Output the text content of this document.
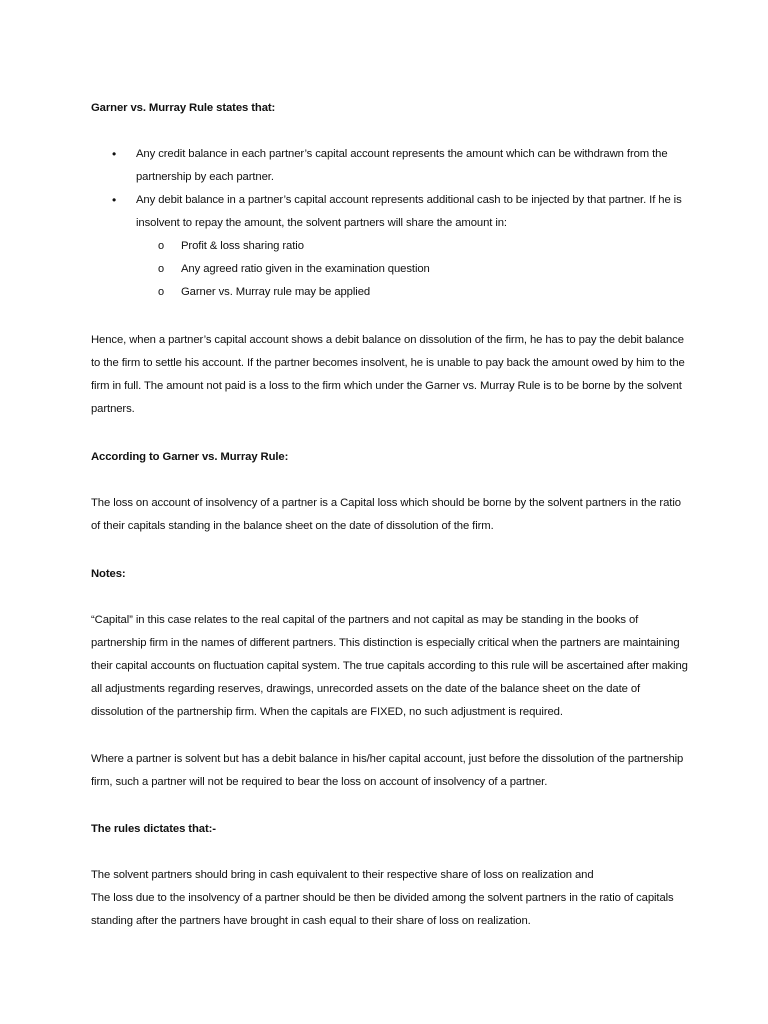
Garner vs. Murray Rule states that:
• Any credit balance in each partner’s capital account represents the amount which can be withdrawn from the partnership by each partner.
• Any debit balance in a partner’s capital account represents additional cash to be injected by that partner. If he is insolvent to repay the amount, the solvent partners will share the amount in:
o Profit & loss sharing ratio
o Any agreed ratio given in the examination question
o Garner vs. Murray rule may be applied
Hence, when a partner’s capital account shows a debit balance on dissolution of the firm, he has to pay the debit balance to the firm to settle his account. If the partner becomes insolvent, he is unable to pay back the amount owed by him to the firm in full. The amount not paid is a loss to the firm which under the Garner vs. Murray Rule is to be borne by the solvent partners.
According to Garner vs. Murray Rule:
The loss on account of insolvency of a partner is a Capital loss which should be borne by the solvent partners in the ratio of their capitals standing in the balance sheet on the date of dissolution of the firm.
Notes:
“Capital” in this case relates to the real capital of the partners and not capital as may be standing in the books of partnership firm in the names of different partners. This distinction is especially critical when the partners are maintaining their capital accounts on fluctuation capital system. The true capitals according to this rule will be ascertained after making all adjustments regarding reserves, drawings, unrecorded assets on the date of the balance sheet on the date of dissolution of the partnership firm. When the capitals are FIXED, no such adjustment is required.
Where a partner is solvent but has a debit balance in his/her capital account, just before the dissolution of the partnership firm, such a partner will not be required to bear the loss on account of insolvency of a partner.
The rules dictates that:-
The solvent partners should bring in cash equivalent to their respective share of loss on realization and
The loss due to the insolvency of a partner should be then be divided among the solvent partners in the ratio of capitals standing after the partners have brought in cash equal to their share of loss on realization.
